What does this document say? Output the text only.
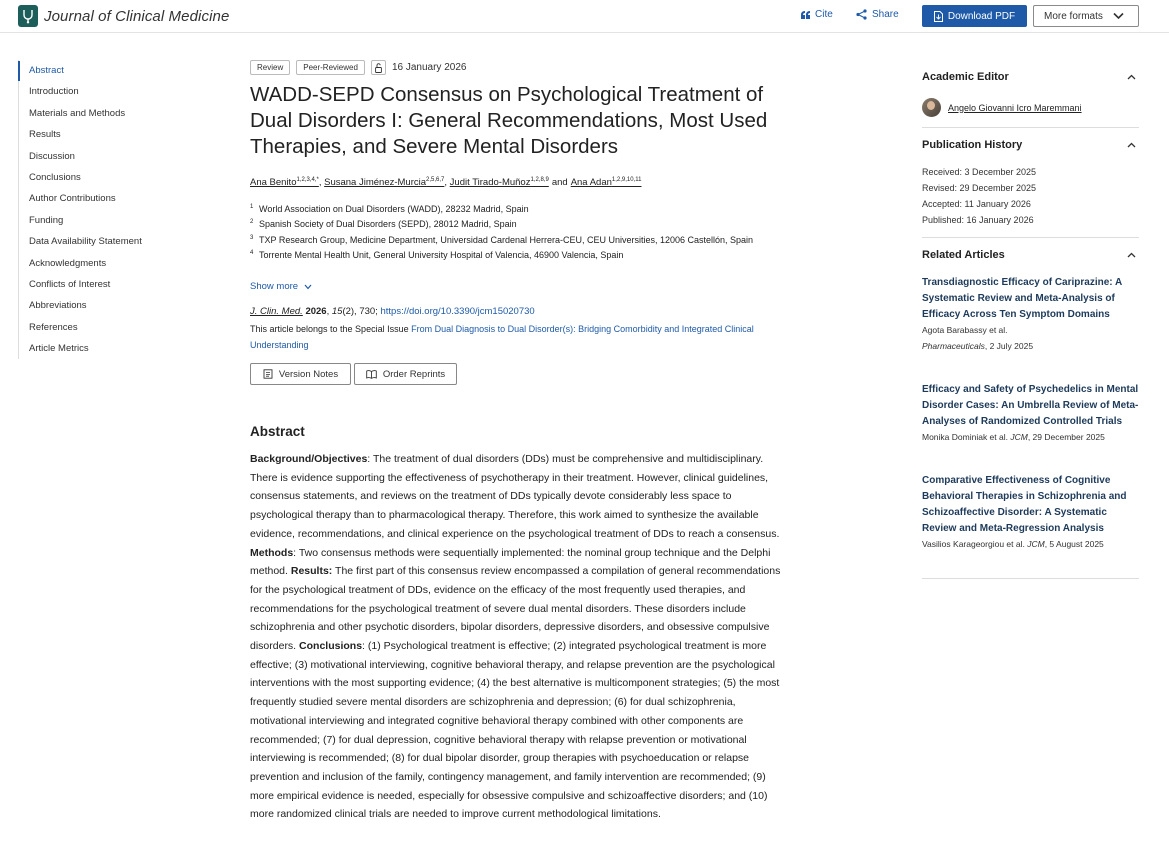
Journal of Clinical Medicine	Cite	Share	Download PDF	More formats
Abstract
Introduction
Materials and Methods
Results
Discussion
Conclusions
Author Contributions
Funding
Data Availability Statement
Acknowledgments
Conflicts of Interest
Abbreviations
References
Article Metrics
Review	Peer-Reviewed	16 January 2026
WADD-SEPD Consensus on Psychological Treatment of Dual Disorders I: General Recommendations, Most Used Therapies, and Severe Mental Disorders
Ana Benito$^{1,2,3,4,*}$, Susana Jiménez-Murcia$^{2,5,6,7}$, Judit Tirado-Muñoz$^{1,2,8,9}$ and Ana Adan$^{1,2,9,10,11}$
1 World Association on Dual Disorders (WADD), 28232 Madrid, Spain
2 Spanish Society of Dual Disorders (SEPD), 28012 Madrid, Spain
3 TXP Research Group, Medicine Department, Universidad Cardenal Herrera-CEU, CEU Universities, 12006 Castellón, Spain
4 Torrente Mental Health Unit, General University Hospital of Valencia, 46900 Valencia, Spain
Show more
J. Clin. Med. 2026, 15(2), 730; https://doi.org/10.3390/jcm15020730
This article belongs to the Special Issue From Dual Diagnosis to Dual Disorder(s): Bridging Comorbidity and Integrated Clinical Understanding
Version Notes	Order Reprints
Abstract
Background/Objectives: The treatment of dual disorders (DDs) must be comprehensive and multidisciplinary. There is evidence supporting the effectiveness of psychotherapy in their treatment. However, clinical guidelines, consensus statements, and reviews on the treatment of DDs typically devote considerably less space to psychological therapy than to pharmacological therapy. Therefore, this work aimed to synthesize the available evidence, recommendations, and clinical experience on the psychological treatment of DDs to reach a consensus. Methods: Two consensus methods were sequentially implemented: the nominal group technique and the Delphi method. Results: The first part of this consensus review encompassed a compilation of general recommendations for the psychological treatment of DDs, evidence on the efficacy of the most frequently used therapies, and recommendations for the psychological treatment of severe dual mental disorders. These disorders include schizophrenia and other psychotic disorders, bipolar disorders, depressive disorders, and obsessive compulsive disorders. Conclusions: (1) Psychological treatment is effective; (2) integrated psychological treatment is more effective; (3) motivational interviewing, cognitive behavioral therapy, and relapse prevention are the psychological interventions with the most supporting evidence; (4) the best alternative is multicomponent strategies; (5) the most frequently studied severe mental disorders are schizophrenia and depression; (6) for dual schizophrenia, motivational interviewing and integrated cognitive behavioral therapy combined with other components are recommended; (7) for dual depression, cognitive behavioral therapy with relapse prevention or motivational interviewing is recommended; (8) for dual bipolar disorder, group therapies with psychoeducation or relapse prevention and inclusion of the family, contingency management, and family intervention are recommended; (9) more empirical evidence is needed, especially for obsessive compulsive and schizoaffective disorders; and (10) more randomized clinical trials are needed to improve current methodological limitations.
Academic Editor
Angelo Giovanni Icro Maremmani
Publication History
Received: 3 December 2025
Revised: 29 December 2025
Accepted: 11 January 2026
Published: 16 January 2026
Related Articles
Transdiagnostic Efficacy of Cariprazine: A Systematic Review and Meta-Analysis of Efficacy Across Ten Symptom Domains
Agota Barabassy et al.
Pharmaceuticals, 2 July 2025
Efficacy and Safety of Psychedelics in Mental Disorder Cases: An Umbrella Review of Meta-Analyses of Randomized Controlled Trials
Monika Dominiak et al. JCM, 29 December 2025
Comparative Effectiveness of Cognitive Behavioral Therapies in Schizophrenia and Schizoaffective Disorder: A Systematic Review and Meta-Regression Analysis
Vasilios Karageorgiou et al. JCM, 5 August 2025
